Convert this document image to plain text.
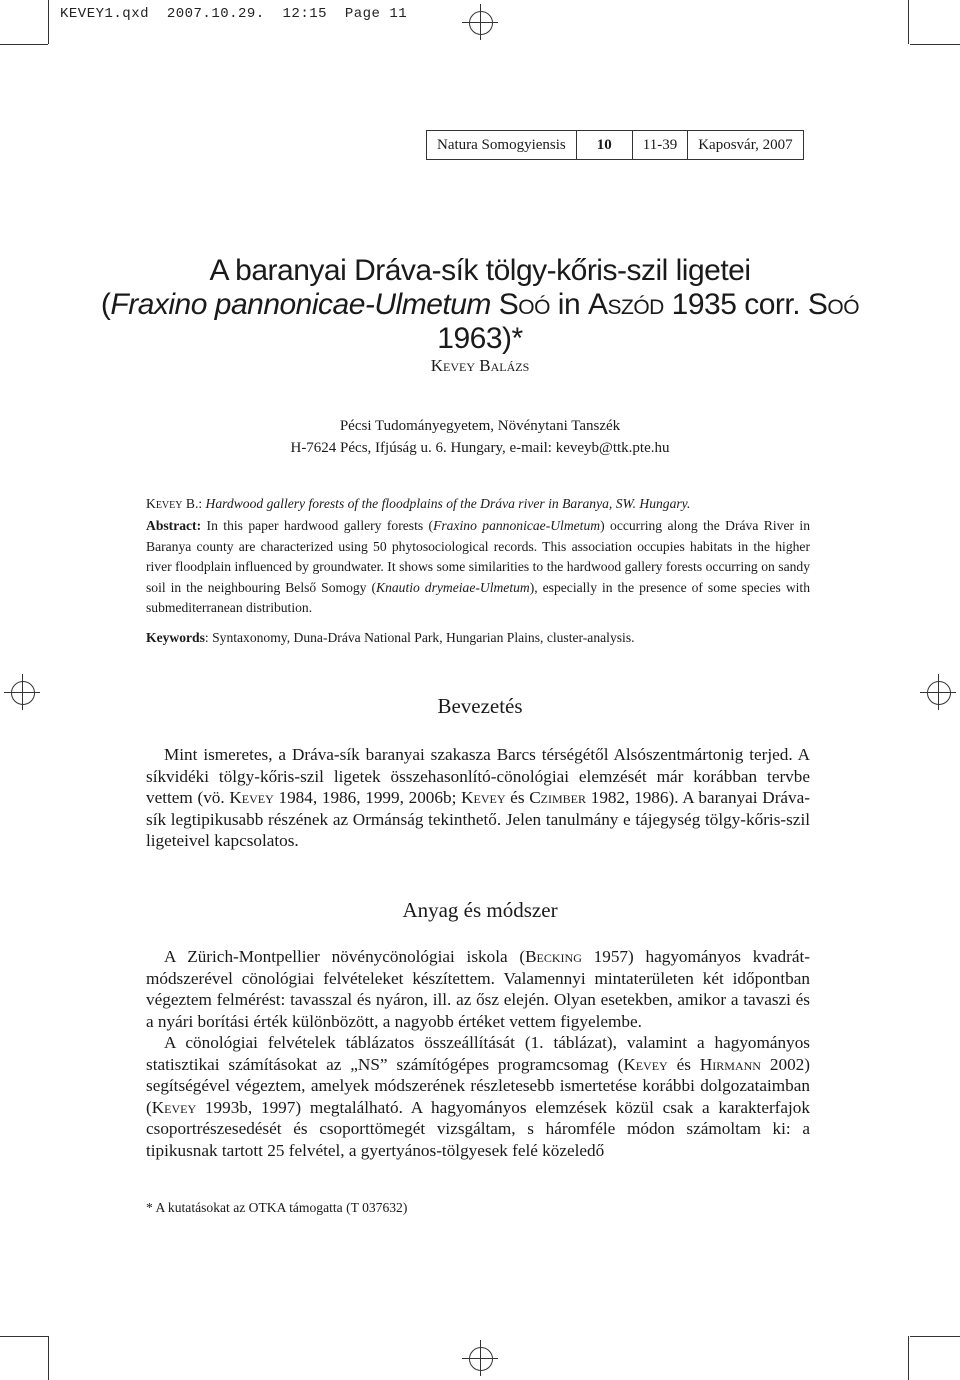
KEVEY1.qxd  2007.10.29.  12:15  Page 11
Natura Somogyiensis	10	11-39	Kaposvár, 2007
A baranyai Dráva-sík tölgy-kőris-szil ligetei
(Fraxino pannonicae-Ulmetum Soó in Aszód 1935 corr. Soó 1963)*
Kevey Balázs
Pécsi Tudományegyetem, Növénytani Tanszék
H-7624 Pécs, Ifjúság u. 6. Hungary, e-mail: keveyb@ttk.pte.hu
Kevey B.: Hardwood gallery forests of the floodplains of the Dráva river in Baranya, SW. Hungary.

Abstract: In this paper hardwood gallery forests (Fraxino pannonicae-Ulmetum) occurring along the Dráva River in Baranya county are characterized using 50 phytosociological records. This association occupies habitats in the higher river floodplain influenced by groundwater. It shows some similarities to the hardwood gallery forests occurring on sandy soil in the neighbouring Belső Somogy (Knautio drymeiae-Ulmetum), especially in the presence of some species with submediterranean distribution.

Keywords: Syntaxonomy, Duna-Dráva National Park, Hungarian Plains, cluster-analysis.

Bevezetés

Mint ismeretes, a Dráva-sík baranyai szakasza Barcs térségétől Alsószentmártonig terjed. A síkvidéki tölgy-kőris-szil ligetek összehasonlító-cönológiai elemzését már korábban tervbe vettem (vö. Kevey 1984, 1986, 1999, 2006b; Kevey és Czimber 1982, 1986). A baranyai Dráva-sík legtipikusabb részének az Ormánság tekinthető. Jelen tanulmány e tájegység tölgy-kőris-szil ligeteivel kapcsolatos.

Anyag és módszer

A Zürich-Montpellier növénycönológiai iskola (Becking 1957) hagyományos kvadrát-módszerével cönológiai felvételeket készítettem. Valamennyi mintaterületen két időpontban végeztem felmérést: tavasszal és nyáron, ill. az ősz elején. Olyan esetekben, amikor a tavaszi és a nyári borítási érték különbözött, a nagyobb értéket vettem figyelembe.

A cönológiai felvételek táblázatos összeállítását (1. táblázat), valamint a hagyományos statisztikai számításokat az „NS” számítógépes programcsomag (Kevey és Hirmann 2002) segítségével végeztem, amelyek módszerének részletesebb ismertetése korábbi dolgozataimban (Kevey 1993b, 1997) megtalálható. A hagyományos elemzések közül csak a karakterfajok csoportrészesedését és csoporttömegét vizsgáltam, s háromféle módon számoltam ki: a tipikusnak tartott 25 felvétel, a gyertyános-tölgyesek felé közeledő

* A kutatásokat az OTKA támogatta (T 037632)
